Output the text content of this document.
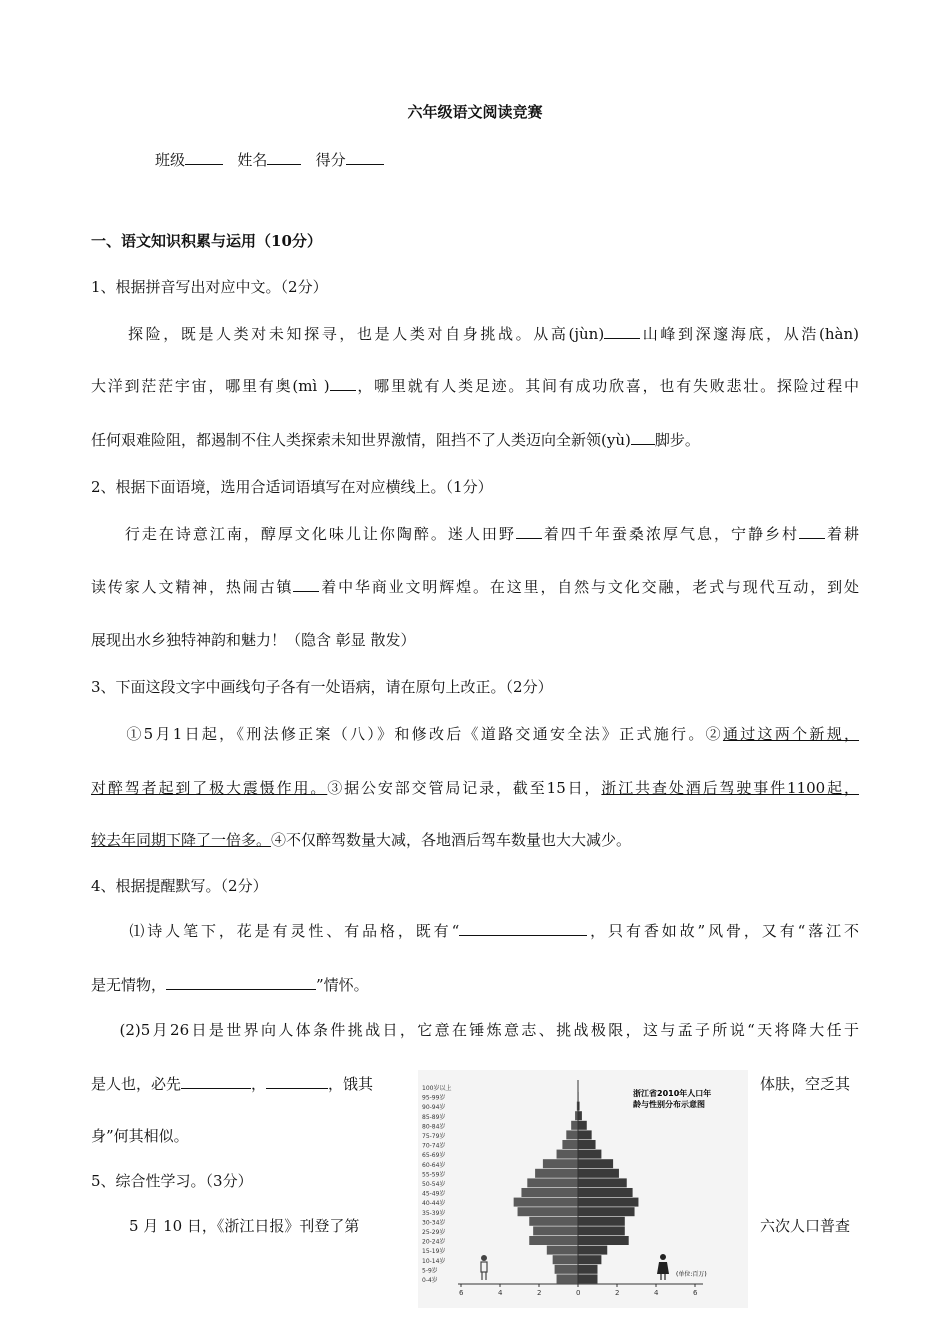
六年级语文阅读竞赛
班级	姓名	得分
一、语文知识积累与运用（10分）
1、根据拼音写出对应中文。（2分）
探险，既是人类对未知探寻，也是人类对自身挑战。从高(jùn) 山峰到深邃海底，从浩(hàn)
大洋到茫茫宇宙，哪里有奥(mì ) ，哪里就有人类足迹。其间有成功欣喜，也有失败悲壮。探险过程中
任何艰难险阻，都遏制不住人类探索未知世界激情，阻挡不了人类迈向全新领(yù) 脚步。
2、根据下面语境，选用合适词语填写在对应横线上。（1分）
行走在诗意江南，醇厚文化味儿让你陶醉。迷人田野 着四千年蚕桑浓厚气息，宁静乡村 着耕
读传家人文精神，热闹古镇 着中华商业文明辉煌。在这里，自然与文化交融，老式与现代互动，到处
展现出水乡独特神韵和魅力！（隐含 彰显 散发）
3、下面这段文字中画线句子各有一处语病，请在原句上改正。（2分）
①5月1日起，《刑法修正案（八）》和修改后《道路交通安全法》正式施行。②通过这两个新规，
对醉驾者起到了极大震慑作用。③据公安部交管局记录，截至15日，浙江共查处酒后驾驶事件1100起，
较去年同期下降了一倍多。④不仅醉驾数量大减，各地酒后驾车数量也大大减少。
4、根据提醒默写。（2分）
⑴诗人笔下，花是有灵性、有品格，既有“	，只有香如故”风骨，又有“落江不
是无情物，	”情怀。
(2)5月26日是世界向人体条件挑战日，它意在锤炼意志、挑战极限，这与孟子所说“天将降大任于
是人也，必先	，	，饿其	体肤，空乏其
身”何其相似。
5、综合性学习。（3分）
5 月 10 日，《浙江日报》刊登了第	六次人口普查
0-4岁
5-9岁
10-14岁
15-19岁
20-24岁
25-29岁
30-34岁
35-39岁
40-44岁
45-49岁
50-54岁
55-59岁
60-64岁
65-69岁
70-74岁
75-79岁
80-84岁
85-89岁
90-94岁
95-99岁
100岁以上
6	4	2	0	2	4	6
浙江省2010年人口年
龄与性别分布示意图
(单位:百万)
